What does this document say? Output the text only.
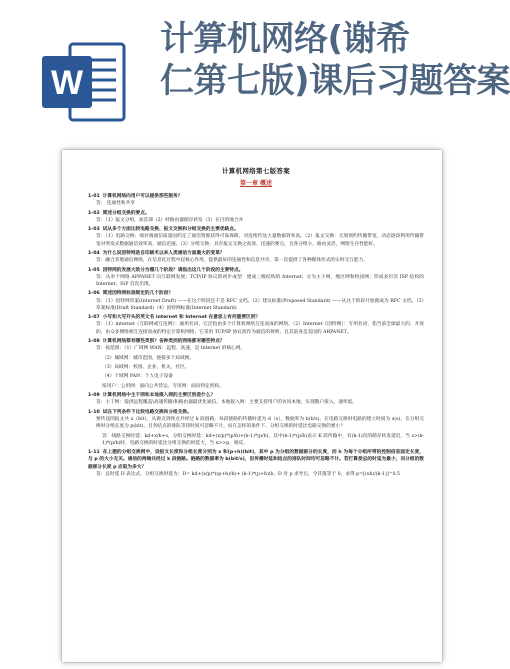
W
计算机网络(谢希
仁第七版)课后习题答案
计算机网络第七版答案
第一章 概述
1-01 计算机网络向用户可以提供那些服务？
答： 连通性和共享
1-02 简述分组交换的要点。
答：（1）报文分组，加首部（2）经路由器储存转发（3）在目的地合并
1-03 试从多个方面比较电路交换、报文交换和分组交换的主要优缺点。
答：（1）电路交换：端对端通信质量因约定了通信资源获得可靠保障，对连续传送大量数据效率高。（2）报文交换：无须预约传输带宽，动态逐段利用传输带宽对突发式数据通信效率高，通信迅速。（3）分组交换：具有报文交换之高效、迅速的要点，且各分组小，路由灵活，网络生存性能好。
1-04 为什么说因特网是自印刷术以来人类通信方面最大的变革？
答：融合其他通信网络，在信息化过程中起核心作用，提供最好的连通性和信息共享，第一次提供了各种媒体形式的实时交互能力。
1-05 因特网的发展大致分为哪几个阶段？请指出这几个阶段的主要特点。
答：从单个网络 APPANET 向互联网发展；TCP/IP 协议的初步成型　建成三级结构的 Internet；分为主干网、地区网和校园网；形成多层次 ISP 结构的 Internet；ISP 首次出现。
1-06 简述因特网标准制定的几个阶段？
答：（1）因特网草案(Internet Draft) ——在这个阶段还不是 RFC 文档。（2）建议标准(Proposed Standard) ——从这个阶段开始就成为 RFC 文档。（3）草案标准(Draft Standard)（4）因特网标准(Internet Standard)
1-07 小写和大写开头的英文名 internet 和 Internet 在意思上有何重要区别？
答：（1）internet（互联网或互连网）：通用名词，它泛指由多个计算机网络互连而成的网络。（2）Internet（因特网）：专用名词，指当前全球最大的、开放的、由众多网络相互连接而成的特定计算机网络，它采用 TCP/IP 协议族作为通信的规则，且其前身是美国的 ARPANET。
1-08 计算机网络都有哪些类别？各种类别的网络都有哪些特点？
答：按范围：（1）广域网 WAN：远程、高速，是 Internet 的核心网。
（2）城域网：城市范围，链接多个局域网。
（3）局域网：校园、企业、机关、社区。
（4）个域网 PAN：个人电子设备
按用户：公用网：面向公共营运。专用网：面向特定机构。
1-09 计算机网络中主干网和本地接入网的主要区别是什么？
答：主干网：提供远程覆盖\高速传输\和路由器最优化通信。本地接入网：主要支持用户的访问本地，实现散户接入，速率低。
1-10 试在下列条件下比较电路交换和分组交换。
要传送的报文共 x（bit），从源点到终点共经过 k 段链路，每段链路的传播时延为 d（s），数据率为 b(b/s)。在电路交换时电路的建立时间为 s(s)。在分组交换时分组长度为 p(bit)，且各结点的排队等待时间可忽略不计。问在怎样的条件下，分组交换的时延比电路交换的要小？
答：线路交换时延：kd+x/b+s，分组交换时延：kd+(x/p)*(p/b)+(k-1)*(p/b)，其中(k-1)*(p/b)表示 K 段传输中，有(k-1)次的储存转发延迟，当 s>(k-1)*(p/b)时，电路交换的时延比分组交换的时延大，当 x>>p，相反。
1-11 在上题的分组交换网中，设报文长度和分组长度分别为 x 和(p+h)(bit)，其中 p 为分组的数据部分的长度，而 h 为每个分组所带的控制信息固定长度，与 p 的大小无关。通信的两端共经过 k 段链路。链路的数据率为 b(bit/s)，但传播时延和结点的排队时间均可忽略不计。若打算使总的时延为最小，问分组的数据部分长度 p 应取为多大？
答：总时延 D 表达式，分组交换时延为：D= kd+(x/p)*((p+h)/b)+ (k-1)*(p+h)/b，D 对 p 求导后，令其值等于 0，求得 p=[(xh)/(k-1)]^0.5
